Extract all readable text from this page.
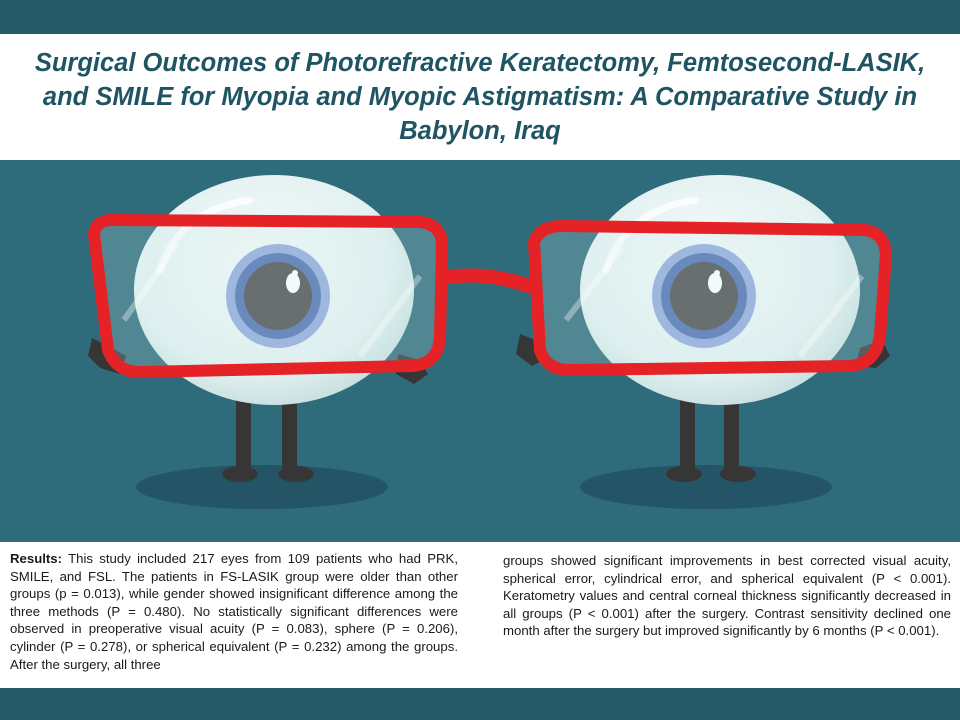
Surgical Outcomes of Photorefractive Keratectomy, Femtosecond-LASIK, and SMILE for Myopia and Myopic Astigmatism: A Comparative Study in Babylon, Iraq

Results: This study included 217 eyes from 109 patients who had PRK, SMILE, and FSL. The patients in FS-LASIK group were older than other groups (p = 0.013), while gender showed insignificant difference among the three methods (P = 0.480). No statistically significant differences were observed in preoperative visual acuity (P = 0.083), sphere (P = 0.206), cylinder (P = 0.278), or spherical equivalent (P = 0.232) among the groups. After the surgery, all three

groups showed significant improvements in best corrected visual acuity, spherical error, cylindrical error, and spherical equivalent (P < 0.001). Keratometry values and central corneal thickness significantly decreased in all groups (P < 0.001) after the surgery. Contrast sensitivity declined one month after the surgery but improved significantly by 6 months (P < 0.001).
